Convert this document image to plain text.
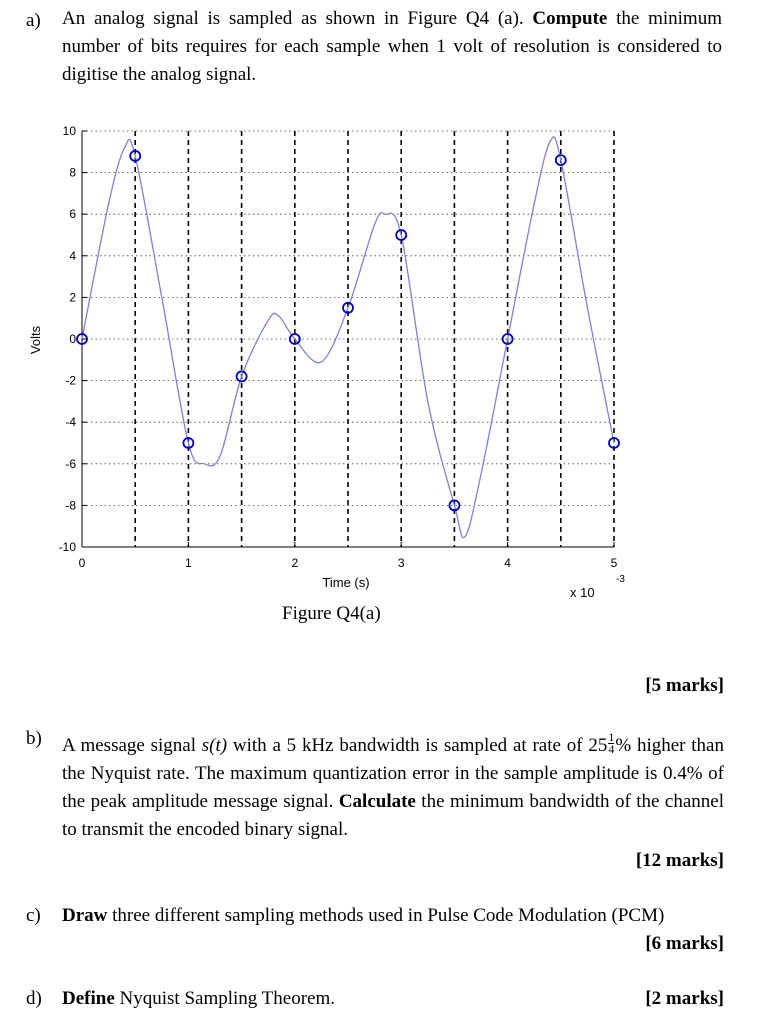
a) An analog signal is sampled as shown in Figure Q4 (a). Compute the minimum number of bits requires for each sample when 1 volt of resolution is considered to digitise the analog signal.
-10
-8
-6
-4
-2
0
2
4
6
8
10
0	1	2	3	4	5
Time (s)
Volts
x 10
-3
Figure Q4(a)
[5 marks]
b) A message signal s(t) with a 5 kHz bandwidth is sampled at rate of $25 \frac{1}{4}$ % higher than the Nyquist rate. The maximum quantization error in the sample amplitude is 0.4% of the peak amplitude message signal. Calculate the minimum bandwidth of the channel to transmit the encoded binary signal.
[12 marks]
c) Draw three different sampling methods used in Pulse Code Modulation (PCM)
[6 marks]
d) Define Nyquist Sampling Theorem.	[2 marks]
